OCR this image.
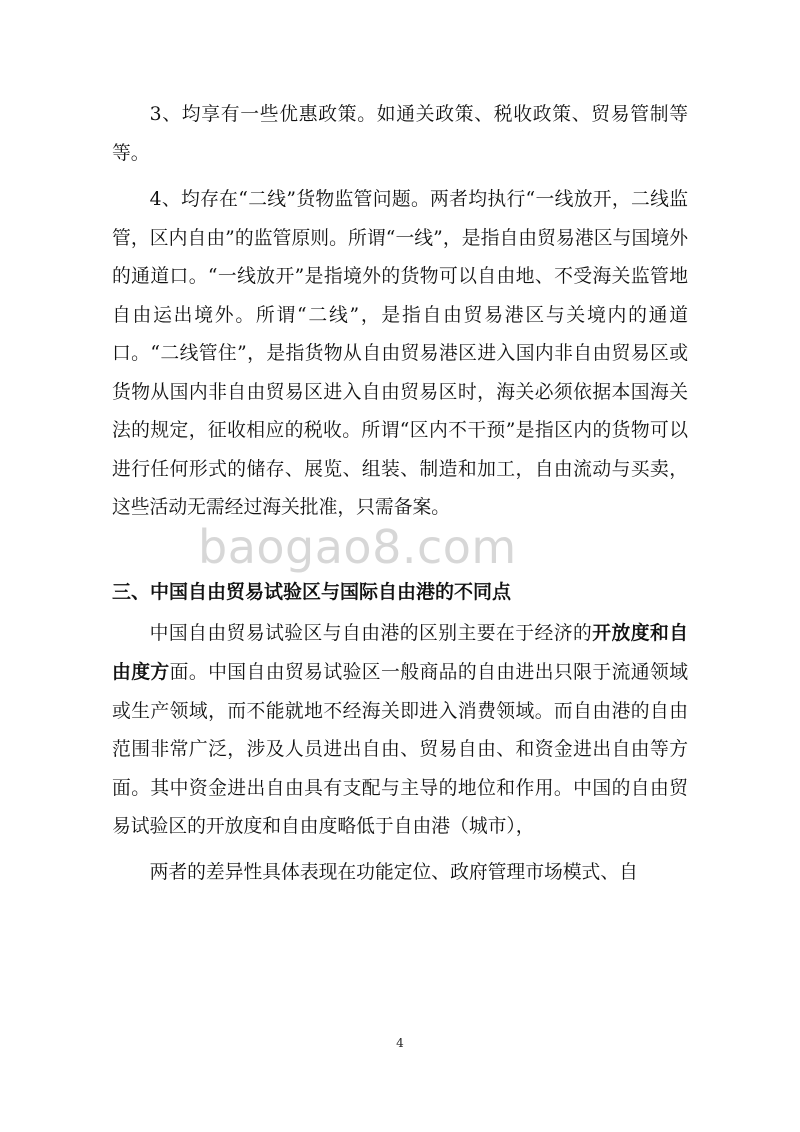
baogao8.com

3、均享有一些优惠政策。如通关政策、税收政策、贸易管制等等。

4、均存在“二线”货物监管问题。两者均执行“一线放开，二线监管，区内自由”的监管原则。所谓“一线”，是指自由贸易港区与国境外的通道口。“一线放开”是指境外的货物可以自由地、不受海关监管地自由运出境外。所谓“二线”，是指自由贸易港区与关境内的通道口。“二线管住”，是指货物从自由贸易港区进入国内非自由贸易区或货物从国内非自由贸易区进入自由贸易区时，海关必须依据本国海关法的规定，征收相应的税收。所谓“区内不干预”是指区内的货物可以进行任何形式的储存、展览、组装、制造和加工，自由流动与买卖，这些活动无需经过海关批准，只需备案。

三、中国自由贸易试验区与国际自由港的不同点

中国自由贸易试验区与自由港的区别主要在于经济的开放度和自由度方面。中国自由贸易试验区一般商品的自由进出只限于流通领域或生产领域，而不能就地不经海关即进入消费领域。而自由港的自由范围非常广泛，涉及人员进出自由、贸易自由、和资金进出自由等方面。其中资金进出自由具有支配与主导的地位和作用。中国的自由贸易试验区的开放度和自由度略低于自由港（城市），

两者的差异性具体表现在功能定位、政府管理市场模式、自

4
